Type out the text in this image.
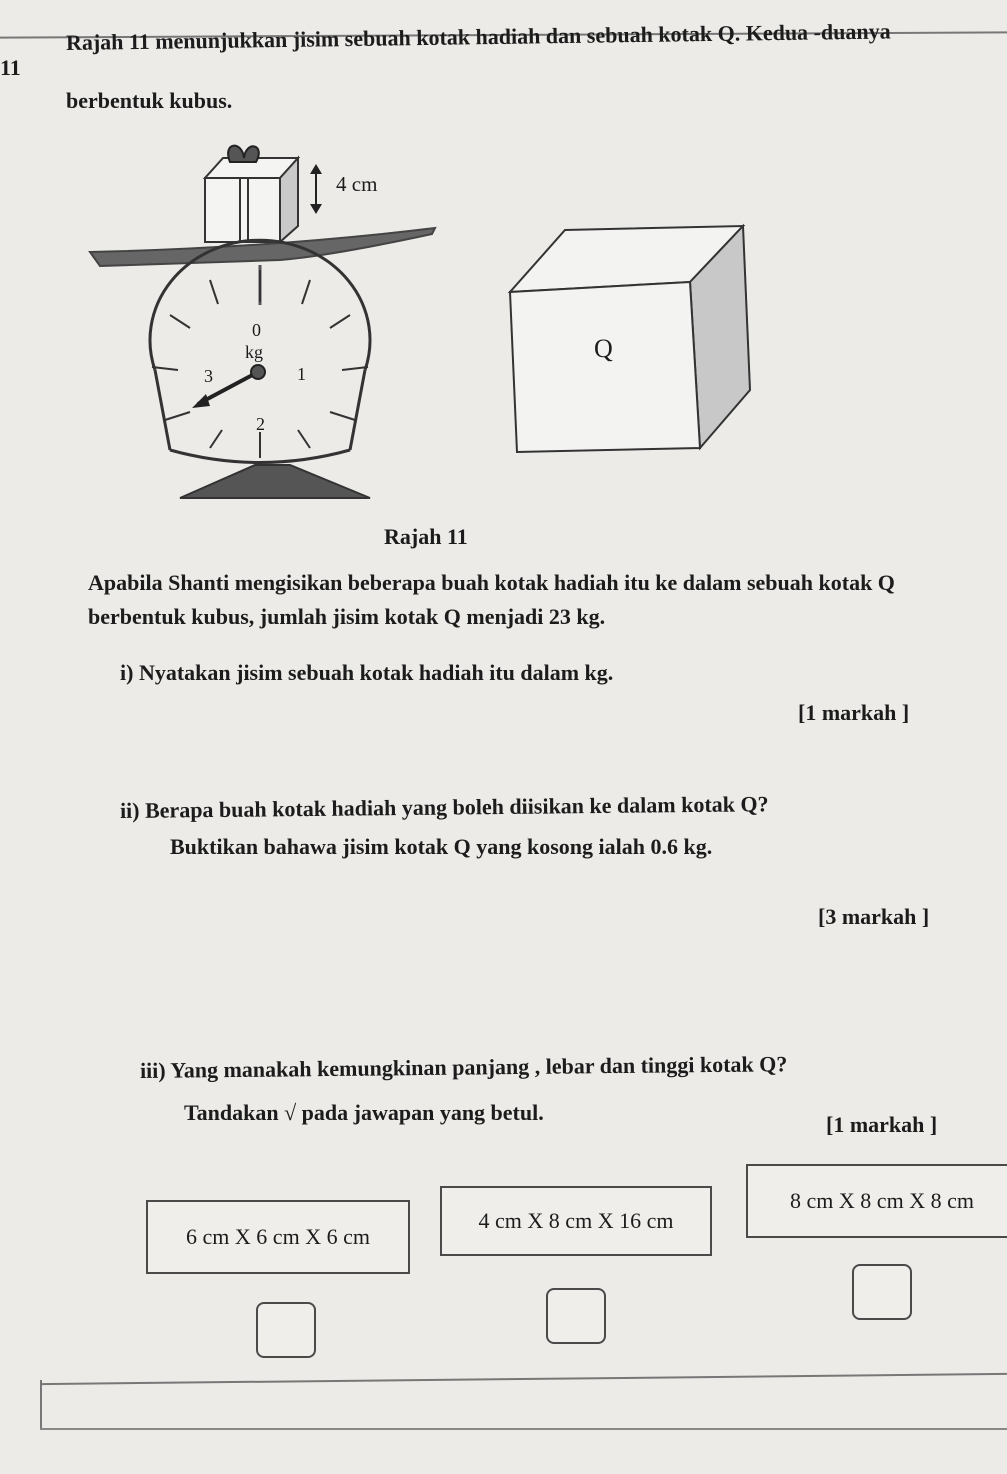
11
Rajah 11 menunjukkan jisim sebuah kotak hadiah dan sebuah kotak Q. Kedua -duanya
berbentuk kubus.
4 cm
0
kg
1
2
3
Q
Rajah 11
Apabila Shanti mengisikan beberapa buah kotak hadiah itu ke dalam sebuah kotak Q
berbentuk kubus, jumlah jisim kotak Q menjadi 23 kg.
i) Nyatakan jisim sebuah kotak hadiah itu dalam kg.
[1 markah ]
ii) Berapa buah kotak hadiah yang boleh diisikan ke dalam kotak Q?
Buktikan bahawa jisim kotak Q yang kosong ialah 0.6 kg.
[3 markah ]
iii) Yang manakah kemungkinan panjang , lebar dan tinggi kotak Q?
Tandakan √ pada jawapan yang betul.	[1 markah ]
6 cm X 6 cm X 6 cm
4 cm X 8 cm X 16 cm
8 cm X 8 cm X 8 cm
